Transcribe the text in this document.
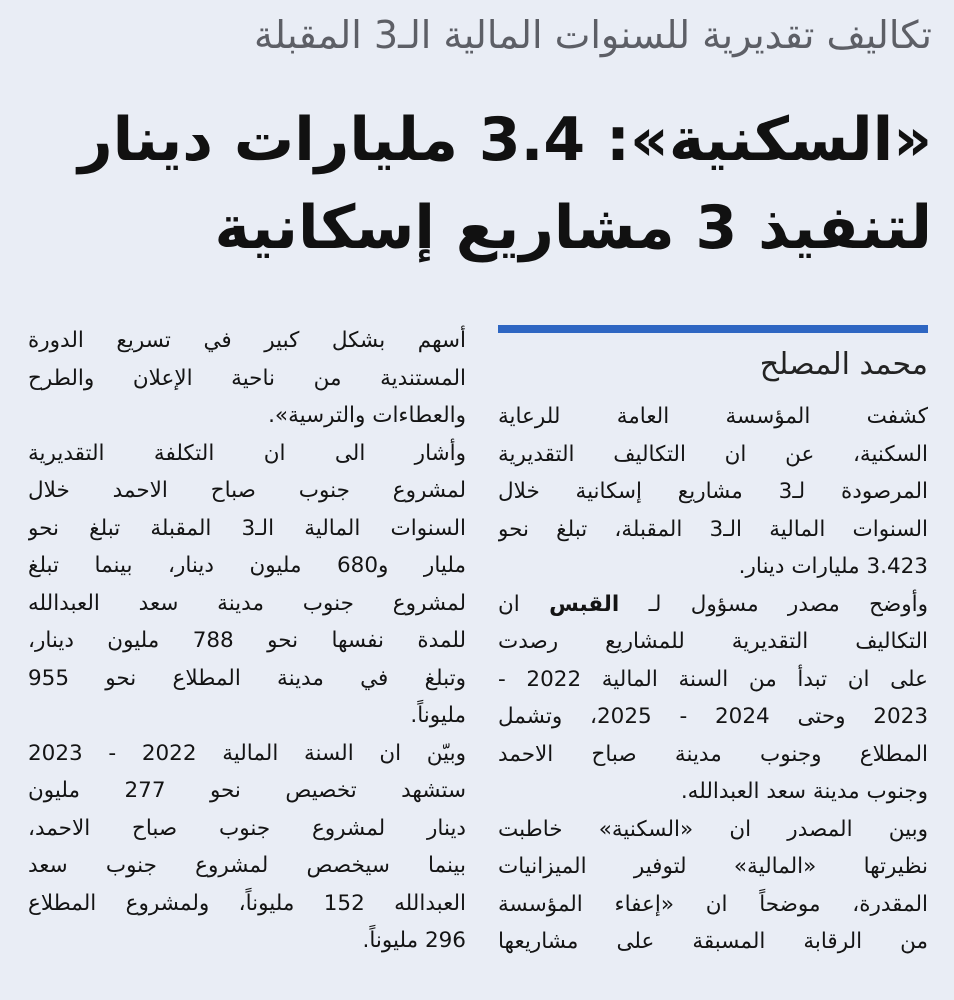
تكاليف تقديرية للسنوات المالية الـ3 المقبلة
«السكنية»: 3.4 مليارات دينار
لتنفيذ 3 مشاريع إسكانية
محمد المصلح
كشفت المؤسسة العامة للرعاية
السكنية، عن ان التكاليف التقديرية
المرصودة لـ3 مشاريع إسكانية خلال
السنوات المالية الـ3 المقبلة، تبلغ نحو
3.423 مليارات دينار.
وأوضح مصدر مسؤول لـ القبس ان
التكاليف التقديرية للمشاريع رصدت
على ان تبدأ من السنة المالية 2022 -
2023 وحتى 2024 - 2025، وتشمل
المطلاع وجنوب مدينة صباح الاحمد
وجنوب مدينة سعد العبدالله.
وبين المصدر ان «السكنية» خاطبت
نظيرتها «المالية» لتوفير الميزانيات
المقدرة، موضحاً ان «إعفاء المؤسسة
من الرقابة المسبقة على مشاريعها
أسهم بشكل كبير في تسريع الدورة
المستندية من ناحية الإعلان والطرح
والعطاءات والترسية».
وأشار الى ان التكلفة التقديرية
لمشروع جنوب صباح الاحمد خلال
السنوات المالية الـ3 المقبلة تبلغ نحو
مليار و680 مليون دينار، بينما تبلغ
لمشروع جنوب مدينة سعد العبدالله
للمدة نفسها نحو 788 مليون دينار،
وتبلغ في مدينة المطلاع نحو 955
مليوناً.
وبيّن ان السنة المالية 2022 - 2023
ستشهد تخصيص نحو 277 مليون
دينار لمشروع جنوب صباح الاحمد،
بينما سيخصص لمشروع جنوب سعد
العبدالله 152 مليوناً، ولمشروع المطلاع
296 مليوناً.
